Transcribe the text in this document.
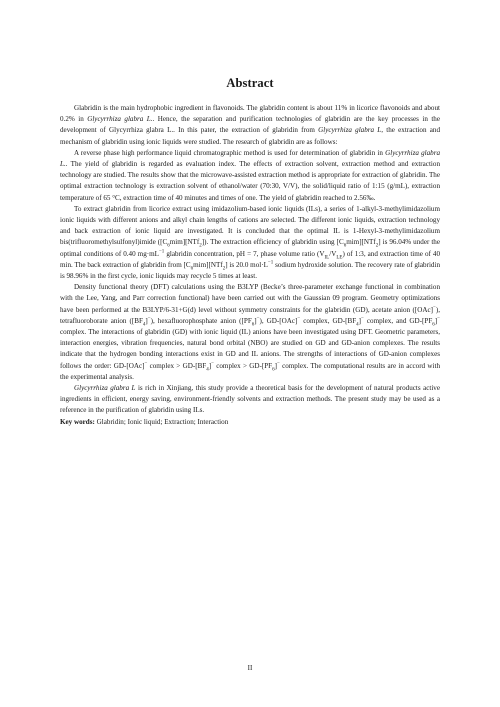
Abstract

Glabridin is the main hydrophobic ingredient in flavonoids. The glabridin content is about 11% in licorice flavonoids and about 0.2% in Glycyrrhiza glabra L.. Hence, the separation and purification technologies of glabridin are the key processes in the development of Glycyrrhiza glabra L.. In this pater, the extraction of glabridin from Glycyrrhiza glabra L, the extraction and mechanism of glabridin using ionic liquids were studied. The research of glabridin are as follows:

A reverse phase high performance liquid chromatographic method is used for determination of glabridin in Glycyrrhiza glabra L.. The yield of glabridin is regarded as evaluation index. The effects of extraction solvent, extraction method and extraction technology are studied. The results show that the microwave-assisted extraction method is appropriate for extraction of glabridin. The optimal extraction technology is extraction solvent of ethanol/water (70:30, V/V), the solid/liquid ratio of 1:15 (g/mL), extraction temperature of 65 °C, extraction time of 40 minutes and times of one. The yield of glabridin reached to 2.56‰.

To extract glabridin from licorice extract using imidazolium-based ionic liquids (ILs), a series of 1-alkyl-3-methylimidazolium ionic liquids with different anions and alkyl chain lengths of cations are selected. The different ionic liquids, extraction technology and back extraction of ionic liquid are investigated. It is concluded that the optimal IL is 1-Hexyl-3-methylimidazolium bis(trifluoromethylsulfonyl)imide $([C_6mim][NTf_2])$. The extraction efficiency of glabridin using $[C_6mim][NTf_2]$ is 96.04% under the optimal conditions of 0.40 $mg\cdot mL^{-1}$ glabridin concentration, pH = 7, phase volume ratio $(V_{IL}/V_{LE})$ of 1:3, and extraction time of 40 min. The back extraction of glabridin from $[C_6mim][NTf_2]$ is 20.0 $mol\cdot L^{-1}$ sodium hydroxide solution. The recovery rate of glabridin is 98.96% in the first cycle, ionic liquids may recycle 5 times at least.

Density functional theory (DFT) calculations using the B3LYP (Becke’s three-parameter exchange functional in combination with the Lee, Yang, and Parr correction functional) have been carried out with the Gaussian 09 program. Geometry optimizations have been performed at the B3LYP/6-31+G(d) level without symmetry constraints for the glabridin (GD), acetate anion ([OAc]−), tetrafluoroborate anion $([BF_4]^-)$, hexafluorophosphate anion $([PF_6]^-)$, GD-[OAc]− complex, $GD-[BF_4]^-$ complex, and $GD-[PF_6]^-$ complex. The interactions of glabridin (GD) with ionic liquid (IL) anions have been investigated using DFT. Geometric parameters, interaction energies, vibration frequencies, natural bond orbital (NBO) are studied on GD and GD-anion complexes. The results indicate that the hydrogen bonding interactions exist in GD and IL anions. The strengths of interactions of GD-anion complexes follows the order: GD-[OAc]− complex > $GD-[BF_4]^-$ complex > $GD-[PF_6]^-$ complex. The computational results are in accord with the experimental analysis.

Glycyrrhiza glabra L is rich in Xinjiang, this study provide a theoretical basis for the development of natural products active ingredients in efficient, energy saving, environment-friendly solvents and extraction methods. The present study may be used as a reference in the purification of glabridin using ILs.

Key words: Glabridin; Ionic liquid; Extraction; Interaction

II
